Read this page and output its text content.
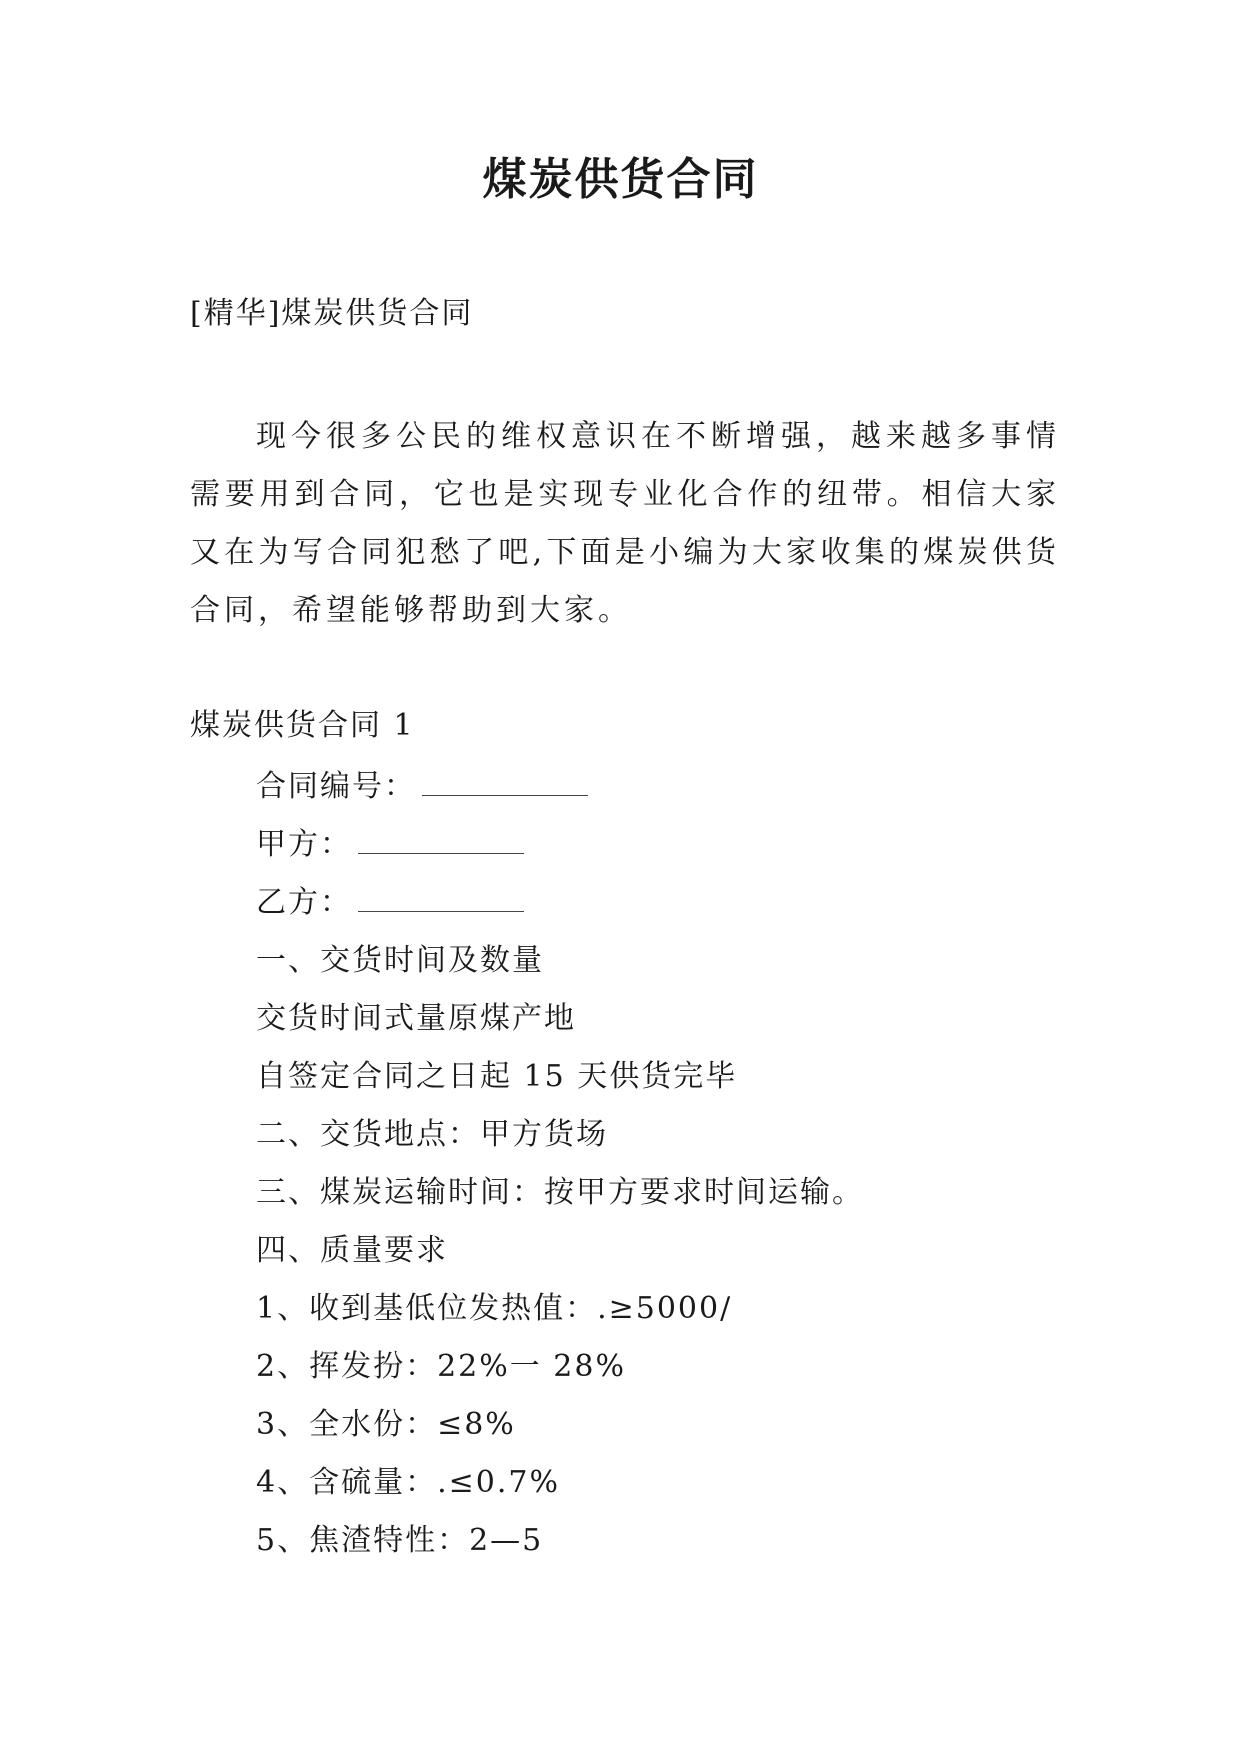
煤炭供货合同
[精华]煤炭供货合同
现今很多公民的维权意识在不断增强，越来越多事情需要用到合同，它也是实现专业化合作的纽带。相信大家又在为写合同犯愁了吧,下面是小编为大家收集的煤炭供货合同，希望能够帮助到大家。
煤炭供货合同 1
合同编号：
甲方：
乙方：
一、交货时间及数量
交货时间式量原煤产地
自签定合同之日起 15 天供货完毕
二、交货地点：甲方货场
三、煤炭运输时间：按甲方要求时间运输。
四、质量要求
1、收到基低位发热值：.≥5000/
2、挥发扮：22%一 28%
3、全水份：≤8%
4、含硫量：.≤0.7%
5、焦渣特性：2—5
